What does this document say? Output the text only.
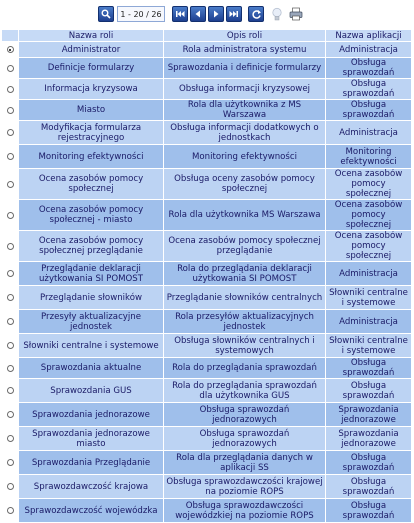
1 - 20 / 26
	Nazwa roli	Opis roli	Nazwa aplikacji

	Administrator	Rola administratora systemu	Administracja

	Definicje formularzy	Sprawozdania i definicje formularzy	Obsługa sprawozdań

	Informacja kryzysowa	Obsługa informacji kryzysowej	Obsługa sprawozdań

	Miasto	Rola dla użytkownika z MS Warszawa	Obsługa sprawozdań

	Modyfikacja formularza rejestracyjnego	Obsługa informacji dodatkowych o jednostkach	Administracja

	Monitoring efektywności	Monitoring efektywności	Monitoring efektywności

	Ocena zasobów pomocy społecznej	Obsługa oceny zasobów pomocy społecznej	Ocena zasobów pomocy społecznej

	Ocena zasobów pomocy społecznej - miasto	Rola dla użytkownika MS Warszawa	Ocena zasobów pomocy społecznej

	Ocena zasobów pomocy społecznej przeglądanie	Ocena zasobów pomocy społecznej przeglądanie	Ocena zasobów pomocy społecznej

	Przeglądanie deklaracji użytkowania SI POMOST	Rola do przeglądania deklaracji użytkowania SI POMOST	Administracja

	Przeglądanie słowników	Przeglądanie słowników centralnych	Słowniki centralne i systemowe

	Przesyły aktualizacyjne jednostek	Rola przesyłów aktualizacyjnych jednostek	Administracja

	Słowniki centralne i systemowe	Obsługa słowników centralnych i systemowych	Słowniki centralne i systemowe

	Sprawozdania aktualne	Rola do przeglądania sprawozdań	Obsługa sprawozdań

	Sprawozdania GUS	Rola do przeglądania sprawozdań dla użytkownika GUS	Obsługa sprawozdań

	Sprawozdania jednorazowe	Obsługa sprawozdań jednorazowych	Sprawozdania jednorazowe

	Sprawozdania jednorazowe miasto	Obsługa sprawozdań jednorazowych	Sprawozdania jednorazowe

	Sprawozdania Przeglądanie	Rola dla przeglądania danych w aplikacji SS	Obsługa sprawozdań

	Sprawozdawczość krajowa	Obsługa sprawozdawczości krajowej na poziomie ROPS	Obsługa sprawozdań

	Sprawozdawczość wojewódzka	Obsługa sprawozdawczości wojewódzkiej na poziomie ROPS	Obsługa sprawozdań
